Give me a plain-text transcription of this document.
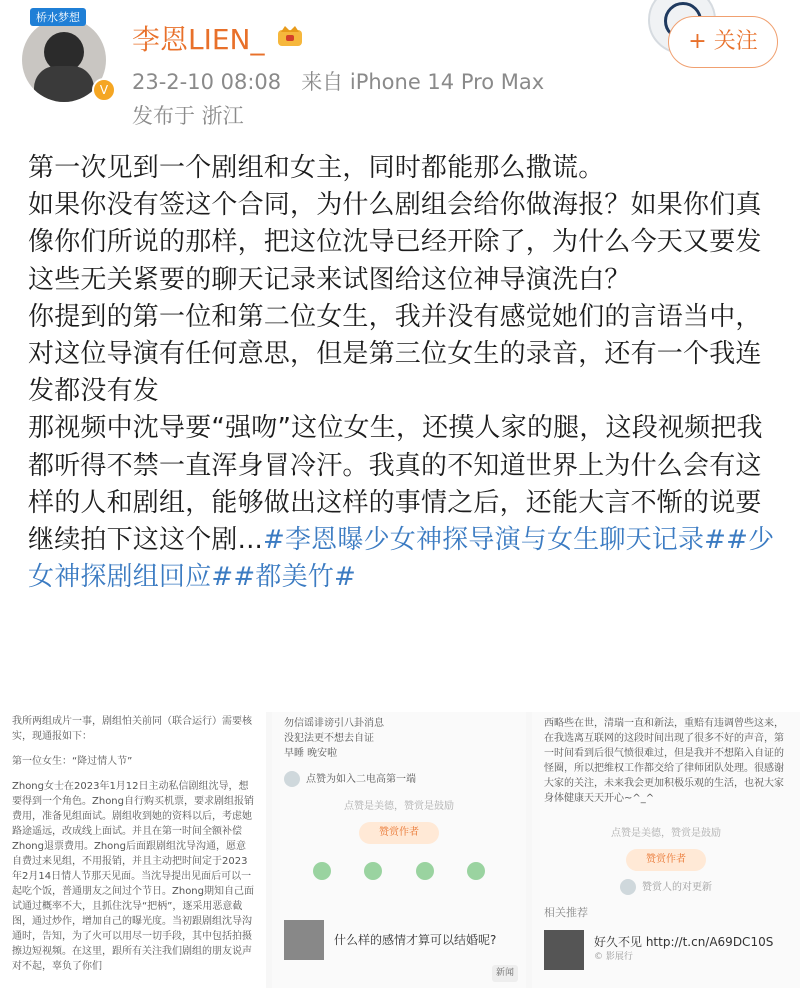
桥水梦想
V
李恩LIEN_
23-2-10 08:08 来自 iPhone 14 Pro Max
发布于 浙江
+ 关注
第一次见到一个剧组和女主，同时都能那么撒谎。
如果你没有签这个合同，为什么剧组会给你做海报？如果你们真像你们所说的那样，把这位沈导已经开除了，为什么今天又要发这些无关紧要的聊天记录来试图给这位神导演洗白？
你提到的第一位和第二位女生，我并没有感觉她们的言语当中，对这位导演有任何意思，但是第三位女生的录音，还有一个我连发都没有发
那视频中沈导要“强吻”这位女生，还摸人家的腿，这段视频把我都听得不禁一直浑身冒冷汗。我真的不知道世界上为什么会有这样的人和剧组，能够做出这样的事情之后，还能大言不惭的说要继续拍下这这个剧...#李恩曝少女神探导演与女生聊天记录##少女神探剧组回应##都美竹#

我所两组成片一事，剧组怕关前同（联合运行）需要核实，现通报如下：

第一位女生：“降过情人节”

Zhong女士在2023年1月12日主动私信剧组沈导，想要得到一个角色。Zhong自行购买机票，要求剧组报销费用，准备见组面试。剧组收到她的资料以后，考虑她路途遥远，改成线上面试。并且在第一时间全额补偿Zhong退票费用。Zhong后面跟剧组沈导沟通，愿意自费过来见组，不用报销，并且主动把时间定于2023年2月14日情人节那天见面。当沈导提出见面后可以一起吃个饭，普通朋友之间过个节日。Zhong期知自己面试通过概率不大，且抓住沈导“把柄”，逐采用恶意截图，通过炒作，增加自己的曝光度。当初跟剧组沈导沟通时，告知，为了火可以用尽一切手段，其中包括拍摄擦边短视频。在这里，跟所有关注我们剧组的朋友说声对不起，辜负了你们

勿信谣诽谤引八卦消息
没犯法更不想去自证
早睡 晚安啦

点赞为如入二电高第一端

点赞是美德，赞赏是鼓励

赞赏作者
什么样的感情才算可以结婚呢?
新闻

西略些在世，清瑞一直和新法，重赔有违调曾些这来，在我选离互联网的这段时间出现了很多不好的声音，第一时间看到后很气愤很难过，但是我并不想陷入自证的怪圈，所以把维权工作都交给了律师团队处理。很感谢大家的关注，未来我会更加积极乐观的生活，也祝大家身体健康天天开心~^_^

点赞是美德，赞赏是鼓励

赞赏作者

赞赏人的对更新

相关推荐
好久不见 http://t.cn/A69DC10S
© 影展行
